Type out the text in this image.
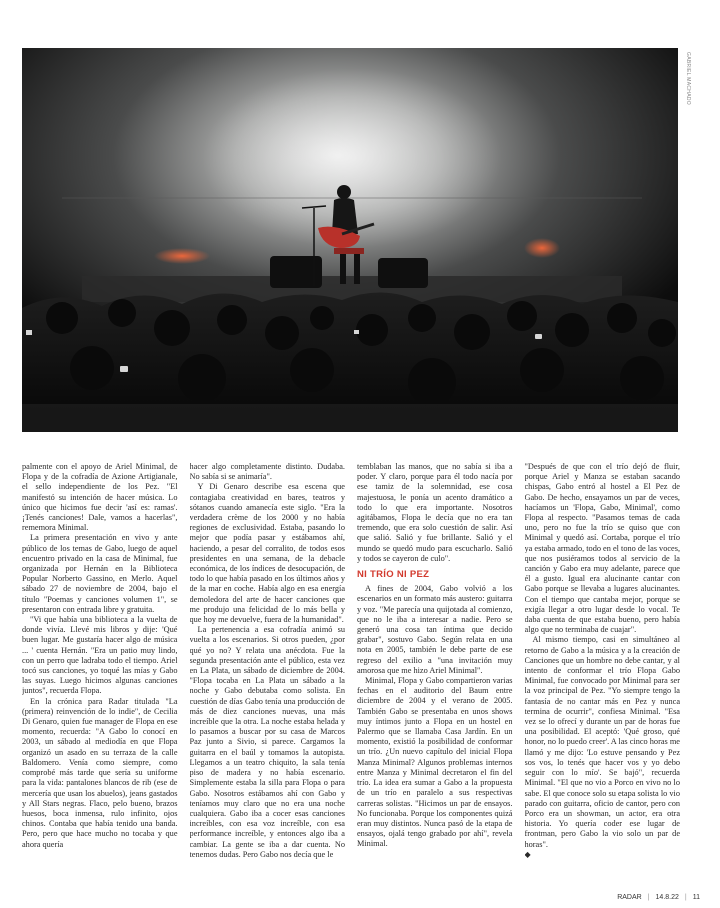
GABRIEL MACHADO

palmente con el apoyo de Ariel Minimal, de Flopa y de la cofradía de Azione Artigianale, el sello independiente de los Pez. "El manifestó su intención de hacer música. Lo único que hicimos fue decir 'así es: ramas'. ¡Tenés canciones! Dale, vamos a hacerlas", rememora Minimal.

La primera presentación en vivo y ante público de los temas de Gabo, luego de aquel encuentro privado en la casa de Minimal, fue organizada por Hernán en la Biblioteca Popular Norberto Gassino, en Merlo. Aquel sábado 27 de noviembre de 2004, bajo el título "Poemas y canciones volumen 1", se presentaron con entrada libre y gratuita.

"Vi que había una biblioteca a la vuelta de donde vivía. Llevé mis libros y dije: 'Qué buen lugar. Me gustaría hacer algo de música ... ' cuenta Hernán. "Era un patio muy lindo, con un perro que ladraba todo el tiempo. Ariel tocó sus canciones, yo toqué las mías y Gabo las suyas. Luego hicimos algunas canciones juntos", recuerda Flopa.

En la crónica para Radar titulada "La (primera) reinvención de lo indie", de Cecilia Di Genaro, quien fue manager de Flopa en ese momento, recuerda: "A Gabo lo conocí en 2003, un sábado al mediodía en que Flopa organizó un asado en su terraza de la calle Baldomero. Venía como siempre, como comprobé más tarde que sería su uniforme para la vida: pantalones blancos de rib (ese de mercería que usan los abuelos), jeans gastados y All Stars negras. Flaco, pelo bueno, brazos huesos, boca inmensa, rulo infinito, ojos chinos. Contaba que había tenido una banda. Pero, pero que hace mucho no tocaba y que ahora quería

hacer algo completamente distinto. Dudaba. No sabía si se animaría".

Y Di Genaro describe esa escena que contagiaba creatividad en bares, teatros y sótanos cuando amanecía este siglo. "Era la verdadera crème de los 2000 y no había regiones de exclusividad. Estaba, pasando lo mejor que podía pasar y estábamos ahí, haciendo, a pesar del corralito, de todos esos presidentes en una semana, de la debacle económica, de los índices de desocupación, de todo lo que había pasado en los últimos años y de la mar en coche. Había algo en esa energía demoledora del arte de hacer canciones que me produjo una felicidad de lo más bella y que hoy me devuelve, fuera de la humanidad".

La pertenencia a esa cofradía animó su vuelta a los escenarios. Si otros pueden, ¿por qué yo no? Y relata una anécdota. Fue la segunda presentación ante el público, esta vez en La Plata, un sábado de diciembre de 2004. "Flopa tocaba en La Plata un sábado a la noche y Gabo debutaba como solista. En cuestión de días Gabo tenía una producción de más de diez canciones nuevas, una más increíble que la otra. La noche estaba helada y lo pasamos a buscar por su casa de Marcos Paz junto a Sivio, si parece. Cargamos la guitarra en el baúl y tomamos la autopista. Llegamos a un teatro chiquito, la sala tenía piso de madera y no había escenario. Simplemente estaba la silla para Flopa o para Gabo. Nosotros estábamos ahí con Gabo y teníamos muy claro que no era una noche cualquiera. Gabo iba a cocer esas canciones increíbles, con esa voz increíble, con esa performance increíble, y entonces algo iba a cambiar. La gente se iba a dar cuenta. No tenemos dudas. Pero Gabo nos decía que le

temblaban las manos, que no sabía si iba a poder. Y claro, porque para él todo nacía por ese tamiz de la solemnidad, ese cosa majestuosa, le ponía un acento dramático a todo lo que era importante. Nosotros agitábamos, Flopa le decía que no era tan tremendo, que era solo cuestión de salir. Así que salió. Salió y fue brillante. Salió y el mundo se quedó mudo para escucharlo. Salió y todos se cayeron de culo".

NI TRÍO NI PEZ

A fines de 2004, Gabo volvió a los escenarios en un formato más austero: guitarra y voz. "Me parecía una quijotada al comienzo, que no le iba a interesar a nadie. Pero se generó una cosa tan íntima que decido grabar", sostuvo Gabo. Según relata en una nota en 2005, también le debe parte de ese regreso del exilio a "una invitación muy amorosa que me hizo Ariel Minimal".

Minimal, Flopa y Gabo compartieron varias fechas en el auditorio del Baum entre diciembre de 2004 y el verano de 2005. También Gabo se presentaba en unos shows muy íntimos junto a Flopa en un hostel en Palermo que se llamaba Casa Jardín. En un momento, existió la posibilidad de conformar un trío. ¿Un nuevo capítulo del inicial Flopa Manza Minimal? Algunos problemas internos entre Manza y Minimal decretaron el fin del trío. La idea era sumar a Gabo a la propuesta de un trío en paralelo a sus respectivas carreras solistas. "Hicimos un par de ensayos. No funcionaba. Porque los componentes quizá eran muy distintos. Nunca pasó de la etapa de ensayos, ojalá tengo grabado por ahí", revela Minimal.

"Después de que con el trío dejó de fluir, porque Ariel y Manza se estaban sacando chispas, Gabo entró al hostel a El Pez de Gabo. De hecho, ensayamos un par de veces, hacíamos un 'Flopa, Gabo, Minimal', como Flopa al respecto. "Pasamos temas de cada uno, pero no fue la trío se quiso que con Minimal y quedó así. Cortaba, porque el trío ya estaba armado, todo en el tono de las voces, que nos pusiéramos todos al servicio de la canción y Gabo era muy adelante, parece que él a gusto. Igual era alucinante cantar con Gabo porque se llevaba a lugares alucinantes. Con el tiempo que cantaba mejor, porque se exigía llegar a otro lugar desde lo vocal. Te daba cuenta de que estaba bueno, pero había algo que no terminaba de cuajar".

Al mismo tiempo, casi en simultáneo al retorno de Gabo a la música y a la creación de Canciones que un hombre no debe cantar, y al intento de conformar el trío Flopa Gabo Minimal, fue convocado por Minimal para ser la voz principal de Pez. "Yo siempre tengo la fantasía de no cantar más en Pez y nunca termina de ocurrir", confiesa Minimal. "Esa vez se lo ofrecí y durante un par de horas fue una posibilidad. El aceptó: 'Qué groso, qué honor, no lo puedo creer'. A las cinco horas me llamó y me dijo: 'Lo estuve pensando y Pez sos vos, lo tenés que hacer vos y yo debo seguir con lo mío'. Se bajó", recuerda Minimal. "El que no vio a Porco en vivo no lo sabe. El que conoce solo su etapa solista lo vio parado con guitarra, oficio de cantor, pero con Porco era un showman, un actor, era otra historia. Yo quería coder ese lugar de frontman, pero Gabo la vio solo un par de horas".

◆
RADAR | 14.8.22 | 11
